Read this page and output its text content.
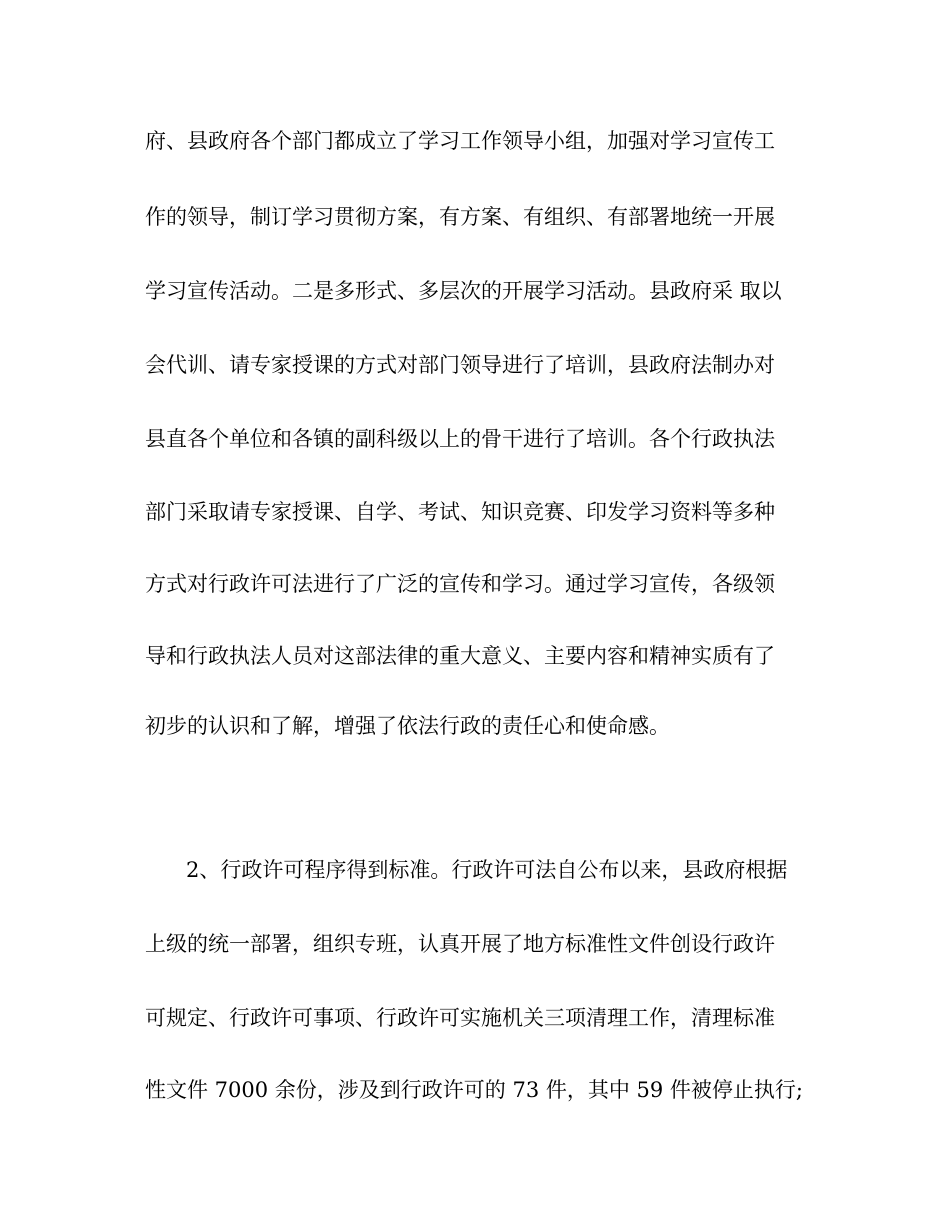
府、县政府各个部门都成立了学习工作领导小组，加强对学习宣传工
作的领导，制订学习贯彻方案，有方案、有组织、有部署地统一开展
学习宣传活动。二是多形式、多层次的开展学习活动。县政府采 取以
会代训、请专家授课的方式对部门领导进行了培训，县政府法制办对
县直各个单位和各镇的副科级以上的骨干进行了培训。各个行政执法
部门采取请专家授课、自学、考试、知识竞赛、印发学习资料等多种
方式对行政许可法进行了广泛的宣传和学习。通过学习宣传，各级领
导和行政执法人员对这部法律的重大意义、主要内容和精神实质有了
初步的认识和了解，增强了依法行政的责任心和使命感。
2、行政许可程序得到标准。行政许可法自公布以来，县政府根据
上级的统一部署，组织专班，认真开展了地方标准性文件创设行政许
可规定、行政许可事项、行政许可实施机关三项清理工作，清理标准
性文件 7000 余份，涉及到行政许可的 73 件，其中 59 件被停止执行;
